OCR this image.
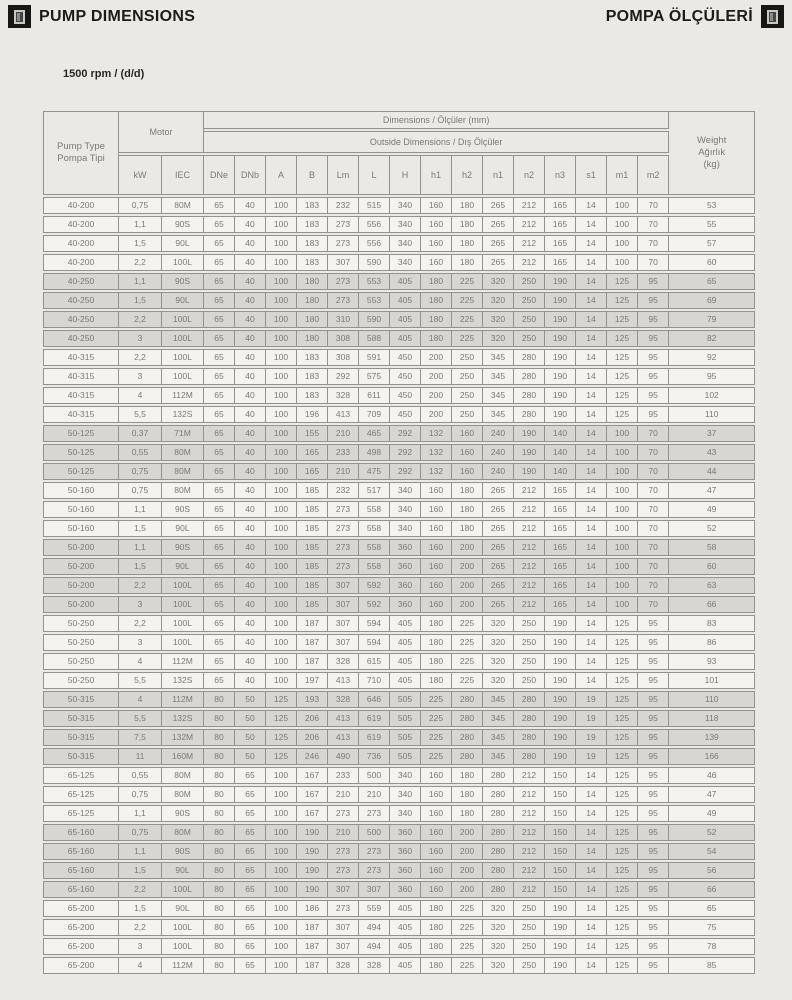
PUMP DIMENSIONS	POMPA ÖLÇÜLERİ
1500 rpm / (d/d)
Pump Type
Pompa Tipi
	Motor	Dimensions / Ölçüler (mm)	
Weight
Ağırlık
(kg)

			Outside Dimensions / Dış Ölçüler															
	kW	IEC	DNe	DNb	A	B	Lm	L	H	h1	h2	n1	n2	n3	s1	m1	m2	
40-200	0,75	80M	65	40	100	183	232	515	340	160	180	265	212	165	14	100	70	53
40-200	1,1	90S	65	40	100	183	273	556	340	160	180	265	212	165	14	100	70	55
40-200	1,5	90L	65	40	100	183	273	556	340	160	180	265	212	165	14	100	70	57
40-200	2,2	100L	65	40	100	183	307	590	340	160	180	265	212	165	14	100	70	60
40-250	1,1	90S	65	40	100	180	273	553	405	180	225	320	250	190	14	125	95	65
40-250	1,5	90L	65	40	100	180	273	553	405	180	225	320	250	190	14	125	95	69
40-250	2,2	100L	65	40	100	180	310	590	405	180	225	320	250	190	14	125	95	79
40-250	3	100L	65	40	100	180	308	588	405	180	225	320	250	190	14	125	95	82
40-315	2,2	100L	65	40	100	183	308	591	450	200	250	345	280	190	14	125	95	92
40-315	3	100L	65	40	100	183	292	575	450	200	250	345	280	190	14	125	95	95
40-315	4	112M	65	40	100	183	328	611	450	200	250	345	280	190	14	125	95	102
40-315	5,5	132S	65	40	100	196	413	709	450	200	250	345	280	190	14	125	95	110
50-125	0,37	71M	65	40	100	155	210	465	292	132	160	240	190	140	14	100	70	37
50-125	0,55	80M	65	40	100	165	233	498	292	132	160	240	190	140	14	100	70	43
50-125	0,75	80M	65	40	100	165	210	475	292	132	160	240	190	140	14	100	70	44
50-160	0,75	80M	65	40	100	185	232	517	340	160	180	265	212	165	14	100	70	47
50-160	1,1	90S	65	40	100	185	273	558	340	160	180	265	212	165	14	100	70	49
50-160	1,5	90L	65	40	100	185	273	558	340	160	180	265	212	165	14	100	70	52
50-200	1,1	90S	65	40	100	185	273	558	360	160	200	265	212	165	14	100	70	58
50-200	1,5	90L	65	40	100	185	273	558	360	160	200	265	212	165	14	100	70	60
50-200	2,2	100L	65	40	100	185	307	592	360	160	200	265	212	165	14	100	70	63
50-200	3	100L	65	40	100	185	307	592	360	160	200	265	212	165	14	100	70	66
50-250	2,2	100L	65	40	100	187	307	594	405	180	225	320	250	190	14	125	95	83
50-250	3	100L	65	40	100	187	307	594	405	180	225	320	250	190	14	125	95	86
50-250	4	112M	65	40	100	187	328	615	405	180	225	320	250	190	14	125	95	93
50-250	5,5	132S	65	40	100	197	413	710	405	180	225	320	250	190	14	125	95	101
50-315	4	112M	80	50	125	193	328	646	505	225	280	345	280	190	19	125	95	110
50-315	5,5	132S	80	50	125	206	413	619	505	225	280	345	280	190	19	125	95	118
50-315	7,5	132M	80	50	125	206	413	619	505	225	280	345	280	190	19	125	95	139
50-315	11	160M	80	50	125	246	490	736	505	225	280	345	280	190	19	125	95	166
65-125	0,55	80M	80	65	100	167	233	500	340	160	180	280	212	150	14	125	95	46
65-125	0,75	80M	80	65	100	167	210	210	340	160	180	280	212	150	14	125	95	47
65-125	1,1	90S	80	65	100	167	273	273	340	160	180	280	212	150	14	125	95	49
65-160	0,75	80M	80	65	100	190	210	500	360	160	200	280	212	150	14	125	95	52
65-160	1,1	90S	80	65	100	190	273	273	360	160	200	280	212	150	14	125	95	54
65-160	1,5	90L	80	65	100	190	273	273	360	160	200	280	212	150	14	125	95	56
65-160	2,2	100L	80	65	100	190	307	307	360	160	200	280	212	150	14	125	95	66
65-200	1,5	90L	80	65	100	186	273	559	405	180	225	320	250	190	14	125	95	65
65-200	2,2	100L	80	65	100	187	307	494	405	180	225	320	250	190	14	125	95	75
65-200	3	100L	80	65	100	187	307	494	405	180	225	320	250	190	14	125	95	78
65-200	4	112M	80	65	100	187	328	328	405	180	225	320	250	190	14	125	95	85
